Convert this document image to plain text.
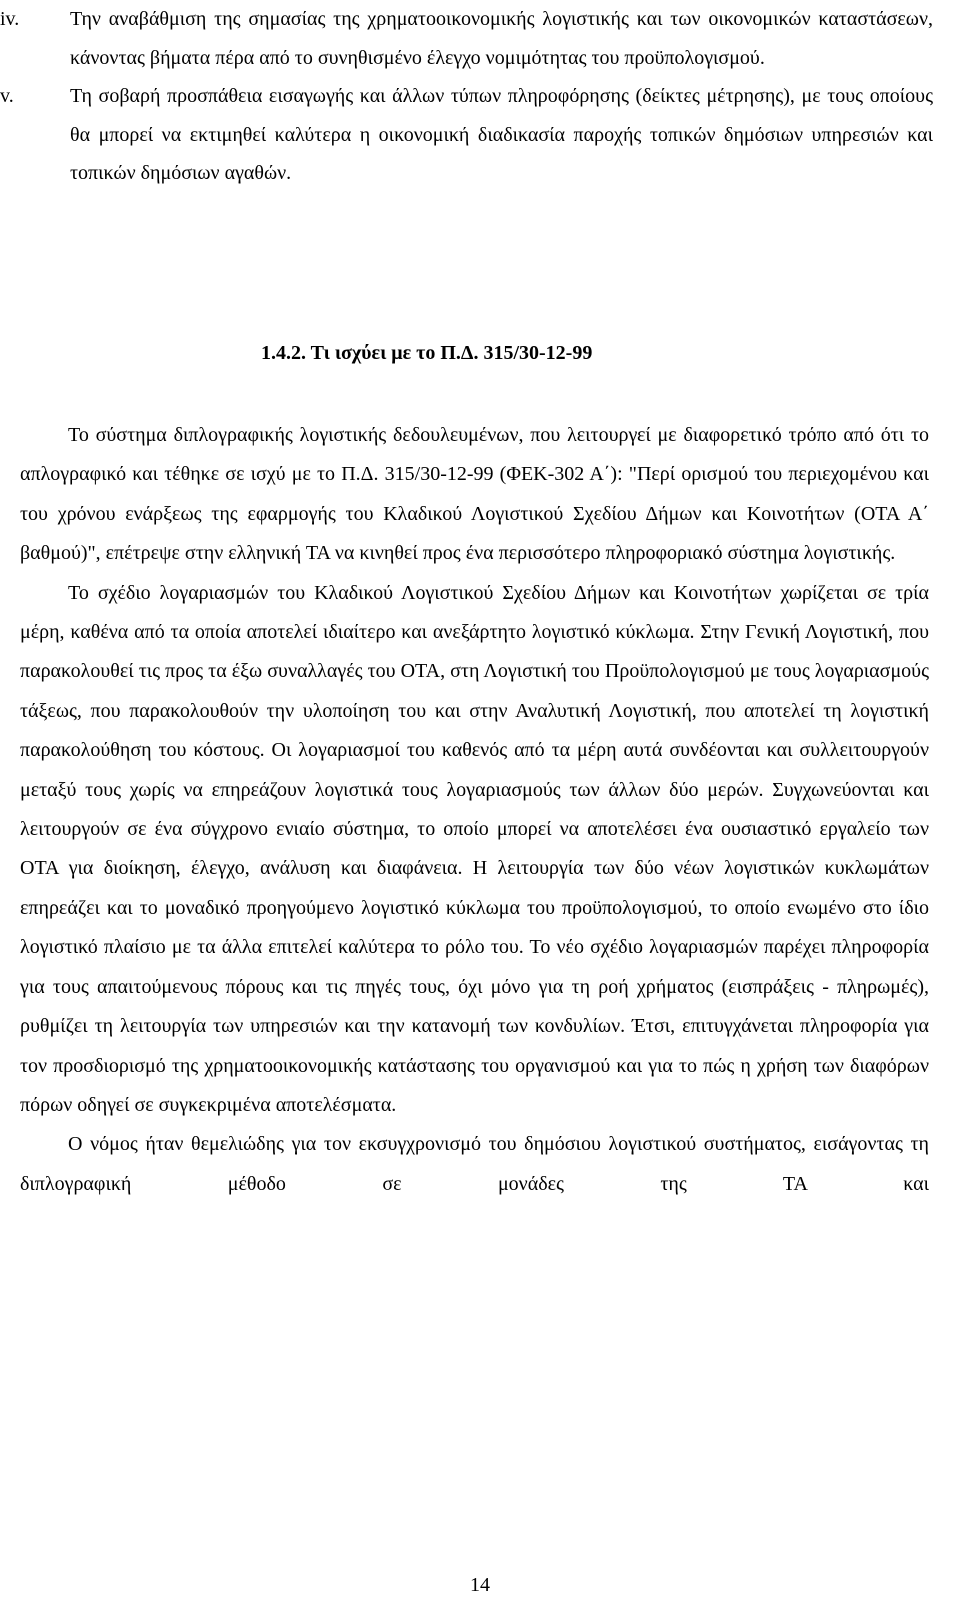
iv.	Την αναβάθμιση της σημασίας της χρηματοοικονομικής λογιστικής και των οικονομικών καταστάσεων, κάνοντας βήματα πέρα από το συνηθισμένο έλεγχο νομιμότητας του προϋπολογισμού.
v.	Τη σοβαρή προσπάθεια εισαγωγής και άλλων τύπων πληροφόρησης (δείκτες μέτρησης), με τους οποίους θα μπορεί να εκτιμηθεί καλύτερα η οικονομική διαδικασία παροχής τοπικών δημόσιων υπηρεσιών και τοπικών δημόσιων αγαθών.
1.4.2. Τι ισχύει με το Π.Δ. 315/30-12-99

Το σύστημα διπλογραφικής λογιστικής δεδουλευμένων, που λειτουργεί με διαφορετικό τρόπο από ότι το απλογραφικό και τέθηκε σε ισχύ με το Π.Δ. 315/30-12-99 (ΦΕΚ-302 Α΄): "Περί ορισμού του περιεχομένου και του χρόνου ενάρξεως της εφαρμογής του Κλαδικού Λογιστικού Σχεδίου Δήμων και Κοινοτήτων (ΟΤΑ Α΄ βαθμού)", επέτρεψε στην ελληνική ΤΑ να κινηθεί προς ένα περισσότερο πληροφοριακό σύστημα λογιστικής.

Το σχέδιο λογαριασμών του Κλαδικού Λογιστικού Σχεδίου Δήμων και Κοινοτήτων χωρίζεται σε τρία μέρη, καθένα από τα οποία αποτελεί ιδιαίτερο και ανεξάρτητο λογιστικό κύκλωμα. Στην Γενική Λογιστική, που παρακολουθεί τις προς τα έξω συναλλαγές του ΟΤΑ, στη Λογιστική του Προϋπολογισμού με τους λογαριασμούς τάξεως, που παρακολουθούν την υλοποίηση του και στην Αναλυτική Λογιστική, που αποτελεί τη λογιστική παρακολούθηση του κόστους. Οι λογαριασμοί του καθενός από τα μέρη αυτά συνδέονται και συλλειτουργούν μεταξύ τους χωρίς να επηρεάζουν λογιστικά τους λογαριασμούς των άλλων δύο μερών. Συγχωνεύονται και λειτουργούν σε ένα σύγχρονο ενιαίο σύστημα, το οποίο μπορεί να αποτελέσει ένα ουσιαστικό εργαλείο των ΟΤΑ για διοίκηση, έλεγχο, ανάλυση και διαφάνεια. Η λειτουργία των δύο νέων λογιστικών κυκλωμάτων επηρεάζει και το μοναδικό προηγούμενο λογιστικό κύκλωμα του προϋπολογισμού, το οποίο ενωμένο στο ίδιο λογιστικό πλαίσιο με τα άλλα επιτελεί καλύτερα το ρόλο του. Το νέο σχέδιο λογαριασμών παρέχει πληροφορία για τους απαιτούμενους πόρους και τις πηγές τους, όχι μόνο για τη ροή χρήματος (εισπράξεις - πληρωμές), ρυθμίζει τη λειτουργία των υπηρεσιών και την κατανομή των κονδυλίων. Έτσι, επιτυγχάνεται πληροφορία για τον προσδιορισμό της χρηματοοικονομικής κατάστασης του οργανισμού και για το πώς η χρήση των διαφόρων πόρων οδηγεί σε συγκεκριμένα αποτελέσματα.

Ο νόμος ήταν θεμελιώδης για τον εκσυγχρονισμό του δημόσιου λογιστικού συστήματος, εισάγοντας τη διπλογραφική μέθοδο σε μονάδες της ΤΑ και

14
